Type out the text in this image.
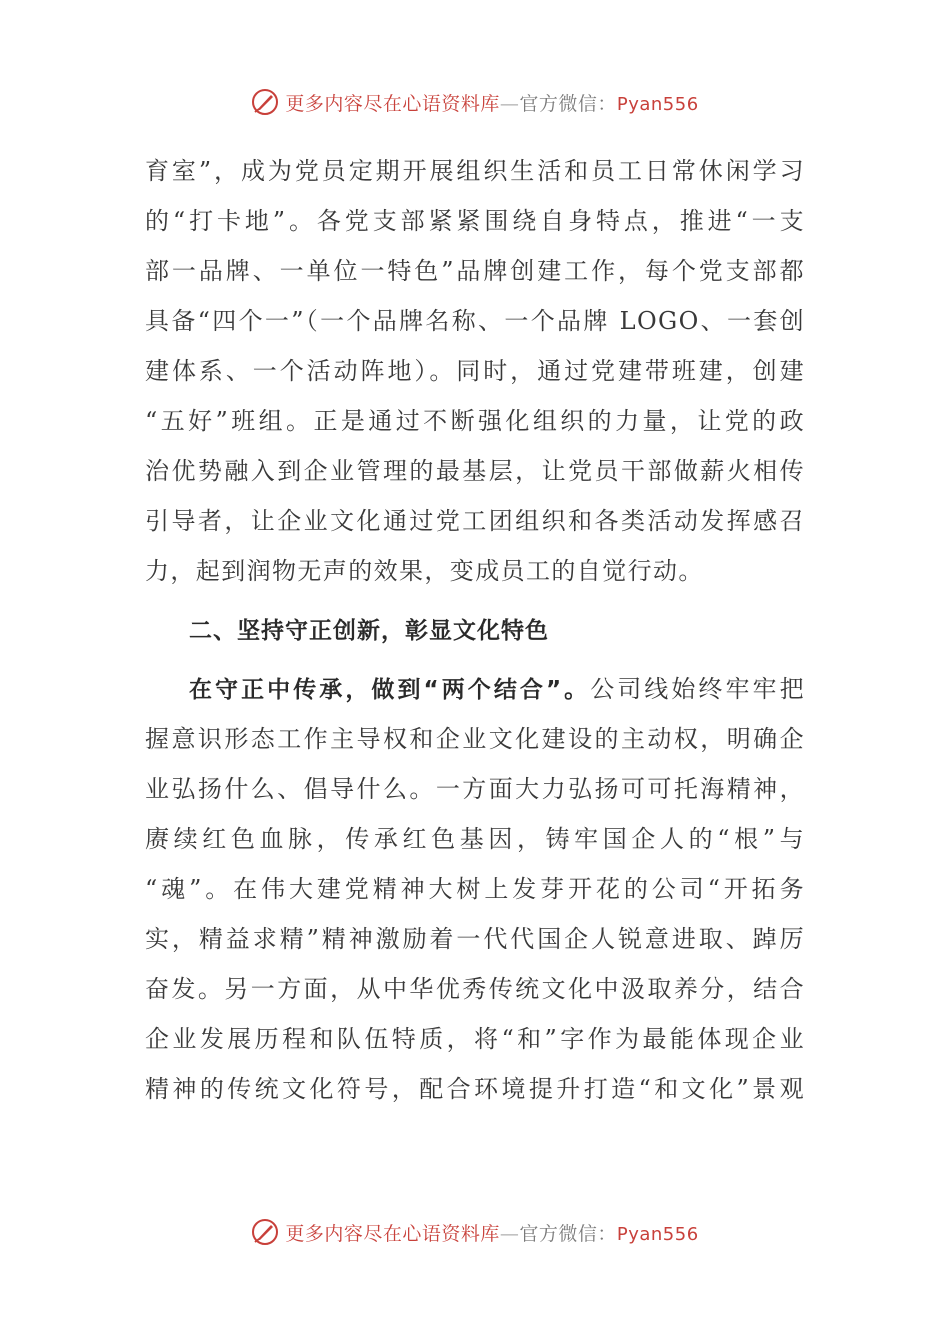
更多内容尽在心语资料库—官方微信：Pyan556
育室”，成为党员定期开展组织生活和员工日常休闲学习
的“打卡地”。各党支部紧紧围绕自身特点，推进“一支
部一品牌、一单位一特色”品牌创建工作，每个党支部都
具备“四个一”（一个品牌名称、一个品牌 LOGO、一套创
建体系、一个活动阵地）。同时，通过党建带班建，创建
“五好”班组。正是通过不断强化组织的力量，让党的政
治优势融入到企业管理的最基层，让党员干部做薪火相传
引导者，让企业文化通过党工团组织和各类活动发挥感召
力，起到润物无声的效果，变成员工的自觉行动。
二、坚持守正创新，彰显文化特色
在守正中传承，做到“两个结合”。公司线始终牢牢把
握意识形态工作主导权和企业文化建设的主动权，明确企
业弘扬什么、倡导什么。一方面大力弘扬可可托海精神，
赓续红色血脉，传承红色基因，铸牢国企人的“根”与
“魂”。在伟大建党精神大树上发芽开花的公司“开拓务
实，精益求精”精神激励着一代代国企人锐意进取、踔厉
奋发。另一方面，从中华优秀传统文化中汲取养分，结合
企业发展历程和队伍特质，将“和”字作为最能体现企业
精神的传统文化符号，配合环境提升打造“和文化”景观
更多内容尽在心语资料库—官方微信：Pyan556
